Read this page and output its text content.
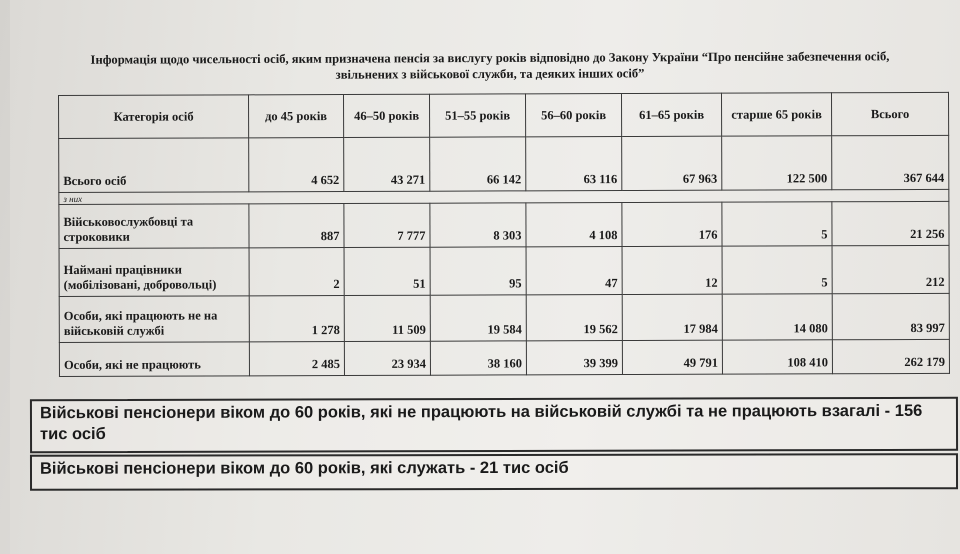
Інформація щодо чисельності осіб, яким призначена пенсія за вислугу років відповідно до Закону України “Про пенсійне забезпечення осіб,
звільнених з військової служби, та деяких інших осіб”
Категорія осіб	до 45 років	46–50 років	51–55 років	56–60 років	61–65 років	старше 65 років	Всього
Всього осіб	4 652	43 271	66 142	63 116	67 963	122 500	367 644
з них							
Військовослужбовці та строковики	887	7 777	8 303	4 108	176	5	21 256
Наймані працівники (мобілізовані, добровольці)	2	51	95	47	12	5	212
Особи, які працюють не на військовій службі	1 278	11 509	19 584	19 562	17 984	14 080	83 997
Особи, які не працюють	2 485	23 934	38 160	39 399	49 791	108 410	262 179
Військові пенсіонери віком до 60 років, які не працюють на військовій службі та не працюють взагалі - 156 тис осіб
Військові пенсіонери віком до 60 років, які служать - 21 тис осіб
